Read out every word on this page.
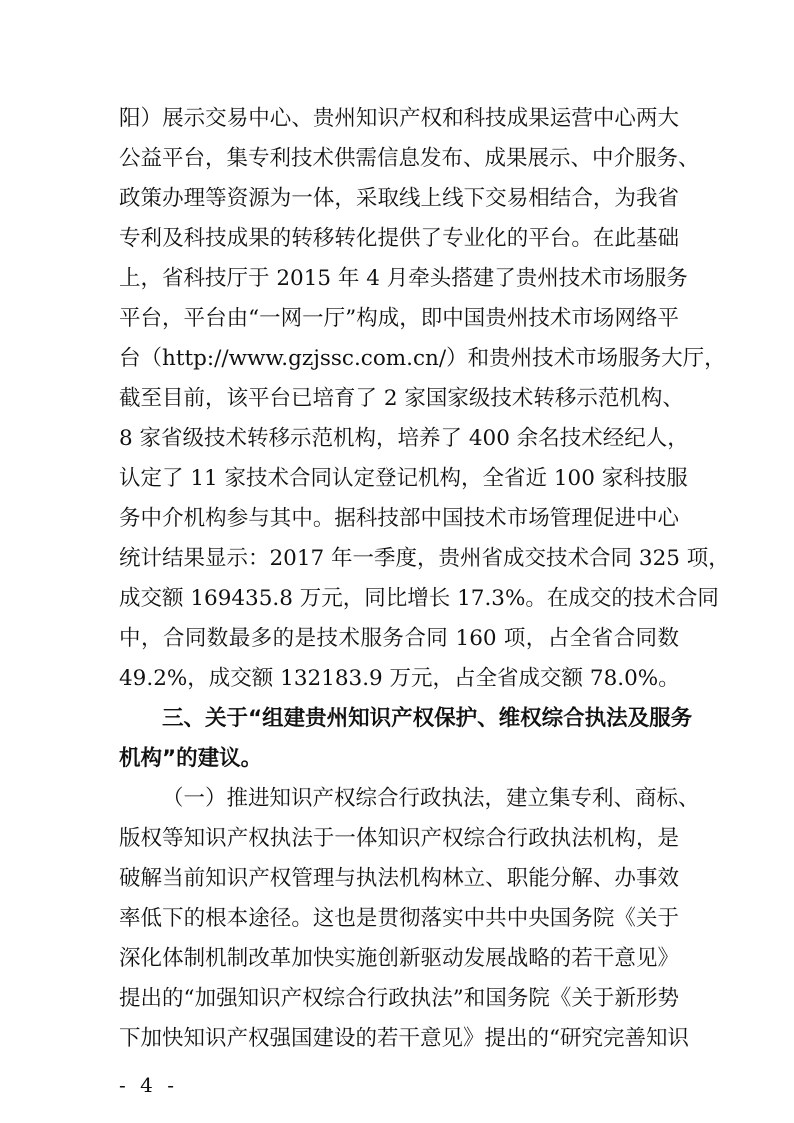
阳）展示交易中心、贵州知识产权和科技成果运营中心两大
公益平台，集专利技术供需信息发布、成果展示、中介服务、
政策办理等资源为一体，采取线上线下交易相结合，为我省
专利及科技成果的转移转化提供了专业化的平台。在此基础
上，省科技厅于 2015 年 4 月牵头搭建了贵州技术市场服务
平台，平台由“一网一厅”构成，即中国贵州技术市场网络平
台（http://www.gzjssc.com.cn/）和贵州技术市场服务大厅，
截至目前，该平台已培育了 2 家国家级技术转移示范机构、
8 家省级技术转移示范机构，培养了 400 余名技术经纪人，
认定了 11 家技术合同认定登记机构，全省近 100 家科技服
务中介机构参与其中。据科技部中国技术市场管理促进中心
统计结果显示：2017 年一季度，贵州省成交技术合同 325 项，
成交额 169435.8 万元，同比增长 17.3%。在成交的技术合同
中，合同数最多的是技术服务合同 160 项，占全省合同数
49.2%，成交额 132183.9 万元，占全省成交额 78.0%。
三、关于“组建贵州知识产权保护、维权综合执法及服务
机构”的建议。
（一）推进知识产权综合行政执法，建立集专利、商标、
版权等知识产权执法于一体知识产权综合行政执法机构，是
破解当前知识产权管理与执法机构林立、职能分解、办事效
率低下的根本途径。这也是贯彻落实中共中央国务院《关于
深化体制机制改革加快实施创新驱动发展战略的若干意见》
提出的“加强知识产权综合行政执法”和国务院《关于新形势
下加快知识产权强国建设的若干意见》提出的“研究完善知识
- 4 -
